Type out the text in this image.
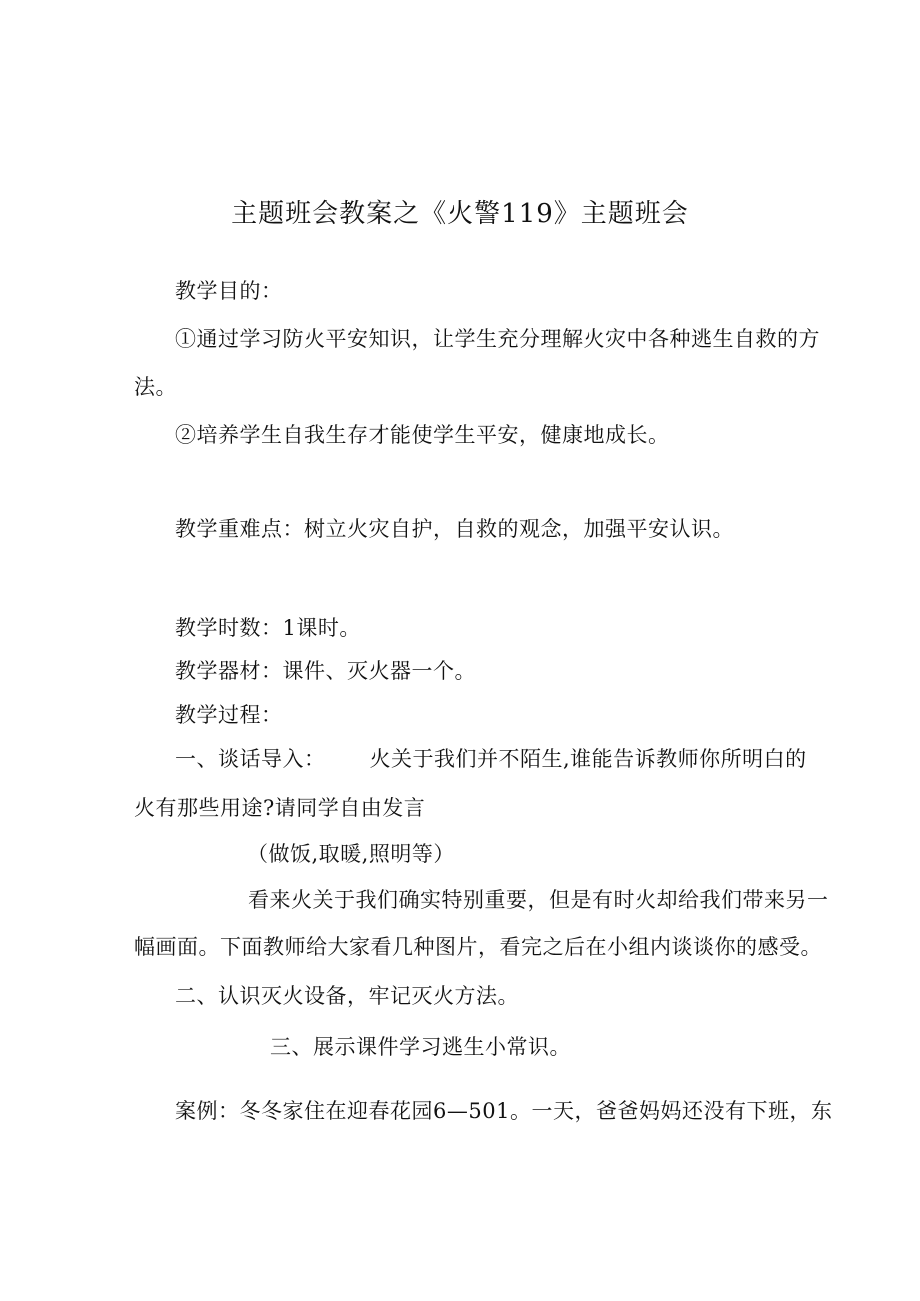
主题班会教案之《火警119》主题班会
教学目的：
①通过学习防火平安知识，让学生充分理解火灾中各种逃生自救的方
法。
②培养学生自我生存才能使学生平安，健康地成长。
教学重难点：树立火灾自护，自救的观念，加强平安认识。
教学时数：1课时。
教学器材：课件、灭火器一个。
教学过程：
一、谈话导入： 火关于我们并不陌生,谁能告诉教师你所明白的
火有那些用途?请同学自由发言
（做饭,取暖,照明等）
看来火关于我们确实特别重要，但是有时火却给我们带来另一
幅画面。下面教师给大家看几种图片，看完之后在小组内谈谈你的感受。
二、认识灭火设备，牢记灭火方法。
三、展示课件学习逃生小常识。
案例：冬冬家住在迎春花园6—501。一天，爸爸妈妈还没有下班，东
